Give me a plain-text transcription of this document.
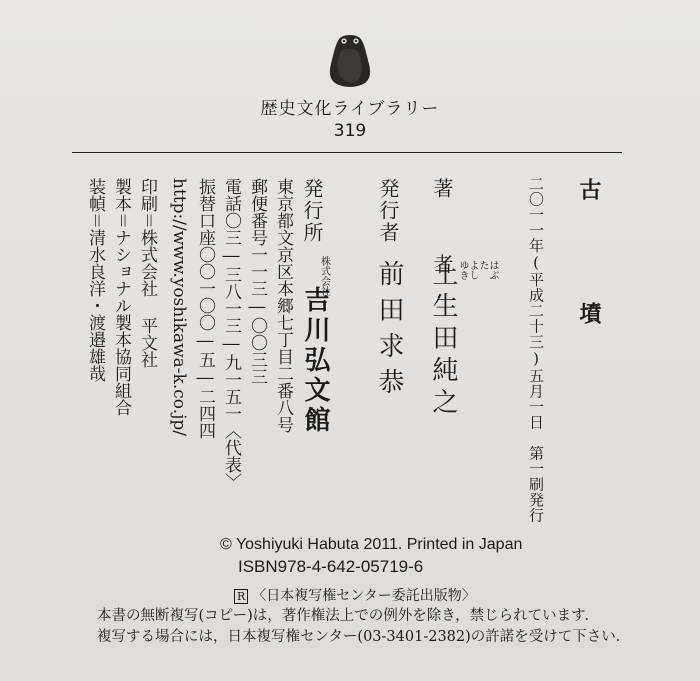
歴史文化ライブラリー
319
古 墳
二〇一一年(平成二十三)五月一日　第一刷発行
著 者	はぶ
た
よし
ゆき
土生田純之
発行者
前田求恭
発行所
株式会社
吉川弘文館
東京都文京区本郷七丁目二番八号
郵便番号一一三―〇〇三三
電話〇三―三八一三―九一五一〈代表〉
振替口座〇〇一〇〇―五―二四四
http://www.yoshikawa-k.co.jp/
印刷＝株式会社 平文社
製本＝ナショナル製本協同組合
装幀＝清水良洋・渡邉雄哉
© Yoshiyuki Habuta 2011. Printed in Japan
ISBN978-4-642-05719-6
R 〈日本複写権センター委託出版物〉
本書の無断複写(コピー)は，著作権法上での例外を除き，禁じられています．
複写する場合には，日本複写権センター(03-3401-2382)の許諾を受けて下さい．
